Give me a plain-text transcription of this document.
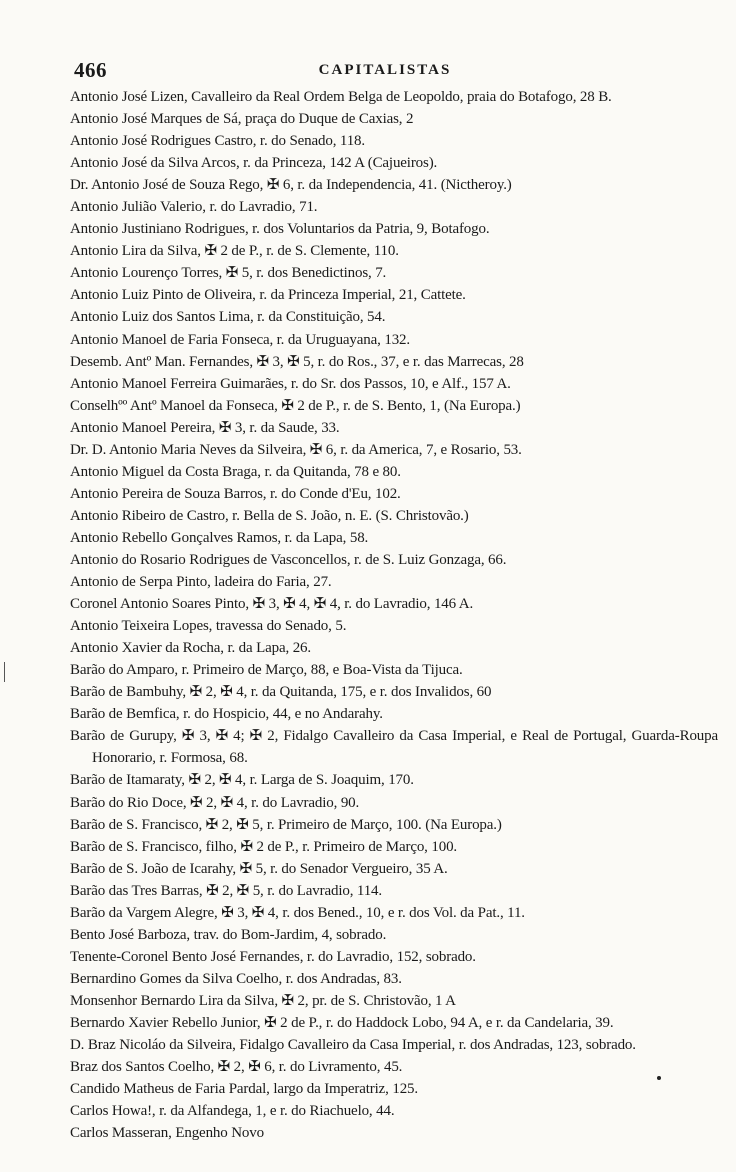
466	CAPITALISTAS
Antonio José Lizen, Cavalleiro da Real Ordem Belga de Leopoldo, praia do Botafogo, 28 B.
Antonio José Marques de Sá, praça do Duque de Caxias, 2
Antonio José Rodrigues Castro, r. do Senado, 118.
Antonio José da Silva Arcos, r. da Princeza, 142 A (Cajueiros).
Dr. Antonio José de Souza Rego, ✠ 6, r. da Independencia, 41. (Nictheroy.)
Antonio Julião Valerio, r. do Lavradio, 71.
Antonio Justiniano Rodrigues, r. dos Voluntarios da Patria, 9, Botafogo.
Antonio Lira da Silva, ✠ 2 de P., r. de S. Clemente, 110.
Antonio Lourenço Torres, ✠ 5, r. dos Benedictinos, 7.
Antonio Luiz Pinto de Oliveira, r. da Princeza Imperial, 21, Cattete.
Antonio Luiz dos Santos Lima, r. da Constituição, 54.
Antonio Manoel de Faria Fonseca, r. da Uruguayana, 132.
Desemb. Antº Man. Fernandes, ✠ 3, ✠ 5, r. do Ros., 37, e r. das Marrecas, 28
Antonio Manoel Ferreira Guimarães, r. do Sr. dos Passos, 10, e Alf., 157 A.
Conselhºº Antº Manoel da Fonseca, ✠ 2 de P., r. de S. Bento, 1, (Na Europa.)
Antonio Manoel Pereira, ✠ 3, r. da Saude, 33.
Dr. D. Antonio Maria Neves da Silveira, ✠ 6, r. da America, 7, e Rosario, 53.
Antonio Miguel da Costa Braga, r. da Quitanda, 78 e 80.
Antonio Pereira de Souza Barros, r. do Conde d'Eu, 102.
Antonio Ribeiro de Castro, r. Bella de S. João, n. E. (S. Christovão.)
Antonio Rebello Gonçalves Ramos, r. da Lapa, 58.
Antonio do Rosario Rodrigues de Vasconcellos, r. de S. Luiz Gonzaga, 66.
Antonio de Serpa Pinto, ladeira do Faria, 27.
Coronel Antonio Soares Pinto, ✠ 3, ✠ 4, ✠ 4, r. do Lavradio, 146 A.
Antonio Teixeira Lopes, travessa do Senado, 5.
Antonio Xavier da Rocha, r. da Lapa, 26.
Barão do Amparo, r. Primeiro de Março, 88, e Boa-Vista da Tijuca.
Barão de Bambuhy, ✠ 2, ✠ 4, r. da Quitanda, 175, e r. dos Invalidos, 60
Barão de Bemfica, r. do Hospicio, 44, e no Andarahy.
Barão de Gurupy, ✠ 3, ✠ 4; ✠ 2, Fidalgo Cavalleiro da Casa Imperial, e Real de Portugal, Guarda-Roupa Honorario, r. Formosa, 68.
Barão de Itamaraty, ✠ 2, ✠ 4, r. Larga de S. Joaquim, 170.
Barão do Rio Doce, ✠ 2, ✠ 4, r. do Lavradio, 90.
Barão de S. Francisco, ✠ 2, ✠ 5, r. Primeiro de Março, 100. (Na Europa.)
Barão de S. Francisco, filho, ✠ 2 de P., r. Primeiro de Março, 100.
Barão de S. João de Icarahy, ✠ 5, r. do Senador Vergueiro, 35 A.
Barão das Tres Barras, ✠ 2, ✠ 5, r. do Lavradio, 114.
Barão da Vargem Alegre, ✠ 3, ✠ 4, r. dos Bened., 10, e r. dos Vol. da Pat., 11.
Bento José Barboza, trav. do Bom-Jardim, 4, sobrado.
Tenente-Coronel Bento José Fernandes, r. do Lavradio, 152, sobrado.
Bernardino Gomes da Silva Coelho, r. dos Andradas, 83.
Monsenhor Bernardo Lira da Silva, ✠ 2, pr. de S. Christovão, 1 A
Bernardo Xavier Rebello Junior, ✠ 2 de P., r. do Haddock Lobo, 94 A, e r. da Candelaria, 39.
D. Braz Nicoláo da Silveira, Fidalgo Cavalleiro da Casa Imperial, r. dos Andradas, 123, sobrado.
Braz dos Santos Coelho, ✠ 2, ✠ 6, r. do Livramento, 45.
Candido Matheus de Faria Pardal, largo da Imperatriz, 125.
Carlos Howa!, r. da Alfandega, 1, e r. do Riachuelo, 44.
Carlos Masseran, Engenho Novo
